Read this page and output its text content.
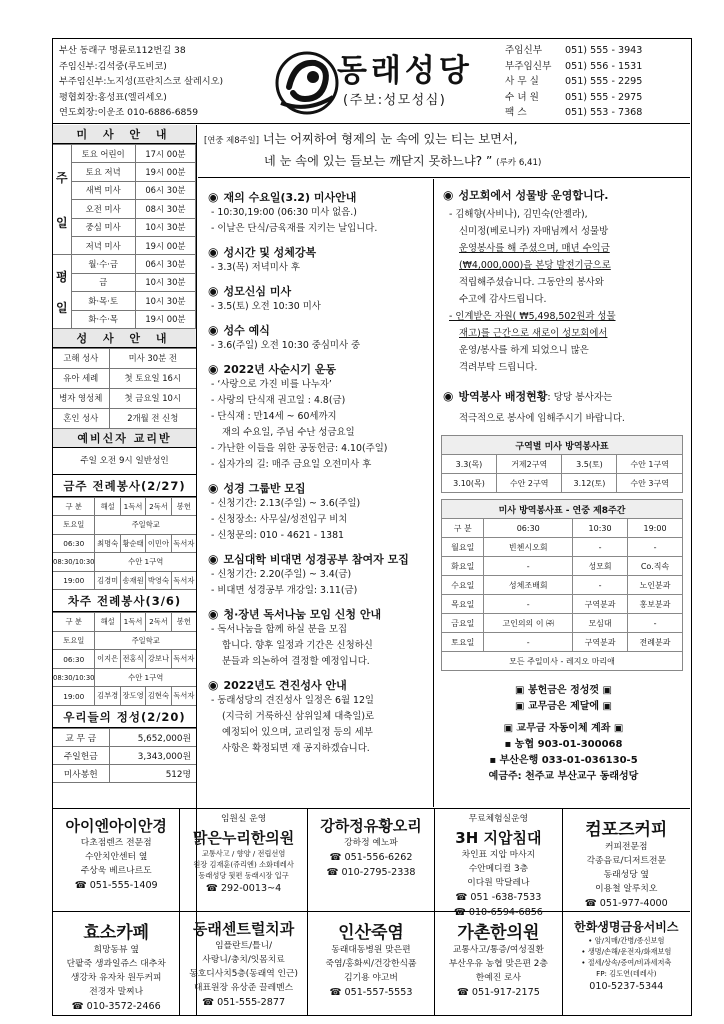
부산 동래구 명륜로112번길 38
주임신부:김석중(루도비코)
부주임신부:노지성(프란치스코 살레시오)
평협회장:홍성표(엘리세오)
연도회장:이운조 010-6886-6859
동래성당
(주보:성모성심)
주임신부	051) 555 - 3943
부주임신부	051) 556 - 1531
사 무 실	051) 555 - 2295
수 녀 원	051) 555 - 2975
팩 스	051) 553 - 7368
미 사 안 내
주

일	토요 어린이	17시 00분
	토요 저녁	19시 00분
	새벽 미사	06시 30분
	오전 미사	08시 30분
	중심 미사	10시 30분
	저녁 미사	19시 00분
평

일	월·수·금	06시 30분
	금	10시 30분
	화·목·토	10시 30분
	화·수·목	19시 00분
성 사 안 내
고해 성사	미사 30분 전
유아 세례	첫 토요일 16시
병자 영성체	첫 금요일 10시
혼인 성사	2개월 전 신청
예비신자 교리반
주일 오전 9시 일반성인
금주 전례봉사(2/27)
구 분	해설	1독서	2독서	봉헌
토요일	주일학교			
06:30	최명숙	황순태	이민아	독서자
08:30/10:30	수안 1구역			
19:00	김경미	송재원	박영숙	독서자
차주 전례봉사(3/6)
구 분	해설	1독서	2독서	봉헌
토요일	주일학교			
06:30	이지은	전홍식	강보나	독서자
08:30/10:30	수안 1구역			
19:00	김부경	장도영	김현숙	독서자
우리들의 정성(2/20)
교 무 금	5,652,000원
주일헌금	3,343,000원
미사봉헌	512명
[연중 제8주일] 너는 어찌하여 형제의 눈 속에 있는 티는 보면서,
네 눈 속에 있는 들보는 깨닫지 못하느냐? ” (루카 6,41)
◉ 재의 수요일(3.2) 미사안내
- 10:30,19:00 (06:30 미사 없음.)
- 이날은 단식/금육재를 지키는 날입니다.
◉ 성시간 및 성체강복
- 3.3(목) 저녁미사 후
◉ 성모신심 미사
- 3.5(토) 오전 10:30 미사
◉ 성수 예식
- 3.6(주일) 오전 10:30 중심미사 중
◉ 2022년 사순시기 운동
- ‘사랑으로 가진 비를 나누자’
- 사랑의 단식재 권고일 : 4.8(금)
- 단식재 : 만14세 ~ 60세까지
재의 수요일, 주님 수난 성금요일
- 가난한 이들을 위한 공동헌금: 4.10(주일)
- 십자가의 길: 매주 금요일 오전미사 후
◉ 성경 그룹반 모집
- 신청기간: 2.13(주일) ~ 3.6(주일)
- 신청장소: 사무실/성전입구 비치
- 신청문의: 010 - 4621 - 1381
◉ 모심대학 비대면 성경공부 참여자 모집
- 신청기간: 2.20(주일) ~ 3.4(금)
- 비대면 성경공부 개강일: 3.11(금)
◉ 청·장년 독서나눔 모임 신청 안내
- 독서나눔을 함께 하실 분을 모집
합니다. 향후 일정과 기간은 신청하신
분들과 의논하여 결정할 예정입니다.
◉ 2022년도 견진성사 안내
- 동래성당의 견진성사 일정은 6월 12일
(지극히 거룩하신 삼위일체 대축일)로
예정되어 있으며, 교리일정 등의 세부
사항은 확정되면 재 공지하겠습니다.
◉ 성모회에서 성물방 운영합니다.
- 김해향(사비나), 김민숙(안젤라),
신미정(베로니카) 자매님께서 성물방
운영봉사를 해 주셨으며, 매년 수익금
(₩4,000,000)을 본당 발전기금으로
적립해주셨습니다. 그동안의 봉사와
수고에 감사드립니다.
- 인계받은 자원( ₩5,498,502원과 성물
재고)를 근간으로 새로이 성모회에서
운영/봉사를 하게 되었으니 많은
격려부탁 드립니다.
◉ 방역봉사 배정현황: 당당 봉사자는
적극적으로 봉사에 임해주시기 바랍니다.
구역별 미사 방역봉사표			
3.3(목)	거제2구역	3.5(토)	수안 1구역
3.10(목)	수안 2구역	3.12(토)	수안 3구역
미사 방역봉사표 - 연중 제8주간			
구 분	06:30	10:30	19:00
월요일	빈첸시오회	-	-
화요일	-	성모회	Co.직속
수요일	성체조배회	-	노인분과
목요일	-	구역분과	홍보분과
금요일	고인의의 이 ㈜	모심대	-
토요일	-	구역분과	전례분과
모든 주일미사 - 레지오 마리애			
▣ 봉헌금은 정성껏 ▣
▣ 교무금은 제달에 ▣
▣ 교무금 자동이체 계좌 ▣
▪ 농협 903-01-300068
▪ 부산은행 033-01-036130-5
예금주: 천주교 부산교구 동래성당
아이엔아이안경
다초점렌즈 전문점
수안치안센터 옆
주상욱 베르나르도
☎ 051-555-1409
임원실 운영
맑은누리한의원
교통사고 / 향양 / 전립선염
원장 김재훈(쥬리엔) 소화데레사
동래성당 뒷편 동래시장 입구
☎ 292-0013~4
강하정유황오리
강하정 예노파
☎ 051-556-6262
☎ 010-2795-2338
무료체험실운영
3H 지압침대
차인표 지압 마사지
수안메디컬 3층
이다원 막달레나
☎ 051 -638-7533
☎ 010-6594-6856
컴포즈커피
커피전문점
각종음료/디저트전문
동래성당 옆
이용철 알루치오
☎ 051-977-4000
효소카페
희망동뷰 옆
단팥죽 생과일쥬스 대추차
생강차 유자차 원두커피
전경자 말찌나
☎ 010-3572-2466
동래센트럴치과
임플란트/틀니/
사랑니/충치/잇몸치료
동호디사치5층(동래역 인근)
대표원장 유상준 끌레멘스
☎ 051-555-2877
인산죽염
동래대동병원 맞은편
죽염/홍화씨/건강한식품
김기용 야고버
☎ 051-557-5553
가촌한의원
교통사고/통증/여성질환
부산우유 농협 맞은편 2층
한예진 로사
☎ 051-917-2175
한화생명금융서비스
• 암/치매/간병/종신보험
• 생명/손해/운전자/화재보험
• 절세/상속/증여/비과세저축
FP: 김도연(데레사)
010-5237-5344
